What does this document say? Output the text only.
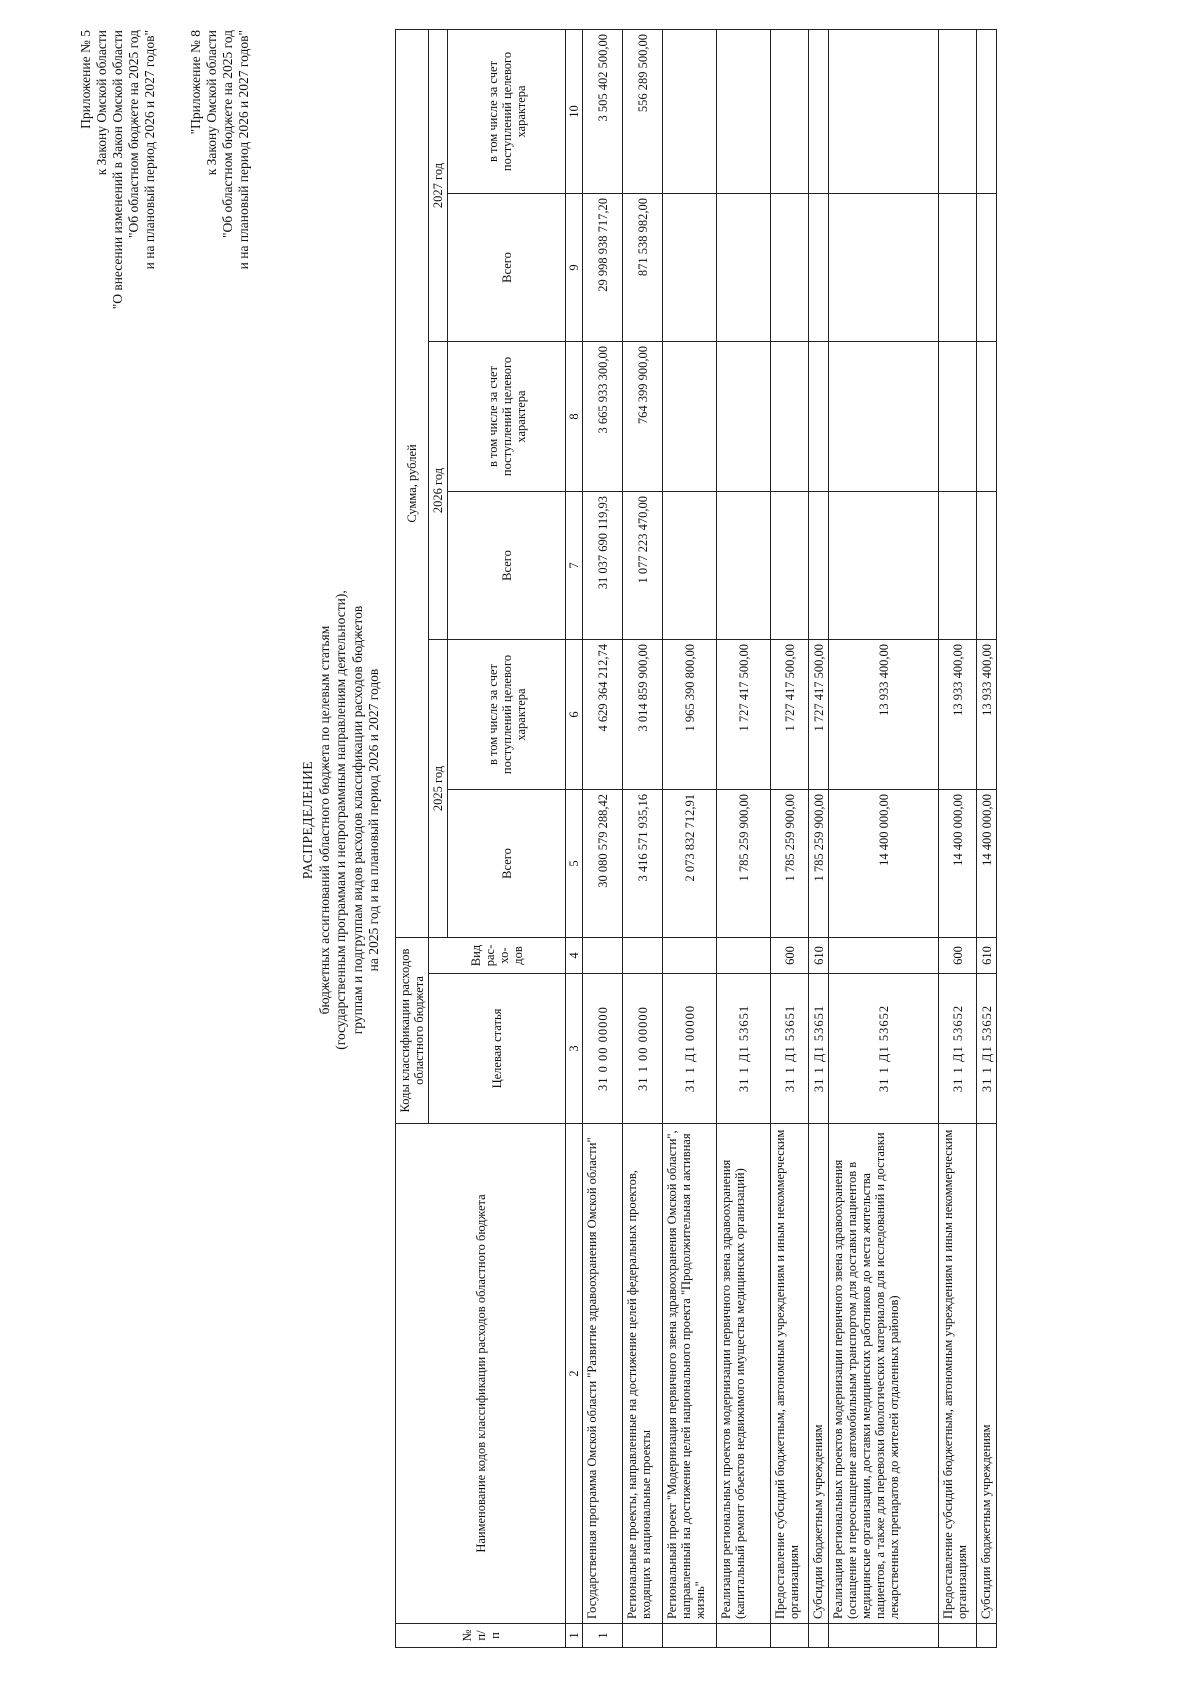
Приложение № 5 к Закону Омской области "О внесении изменений в Закон Омской области "Об областном бюджете на 2025 год и на плановый период 2026 и 2027 годов" "Приложение № 8 к Закону Омской области "Об областном бюджете на 2025 год и на плановый период 2026 и 2027 годов"
РАСПРЕДЕЛЕНИЕ бюджетных ассигнований областного бюджета по целевым статьям (государственным программам и непрограммным направлениям деятельности), группам и подгруппам видов расходов классификации расходов бюджетов на 2025 год и на плановый период 2026 и 2027 годов
№ п/п	Наименование кодов классификации расходов областного бюджета	Коды классификации расходов областного бюджета		Сумма, рублей					
		Целевая статья	Вид рас-хо-дов	2025 год		2026 год		2027 год	
				Всего	в том числе за счет поступлений целевого характера	Всего	в том числе за счет поступлений целевого характера	Всего	в том числе за счет поступлений целевого характера
1	2	3	4	5	6	7	8	9	10
1	Государственная программа Омской области "Развитие здравоохранения Омской области"	31 0 00 00000		30 080 579 288,42	4 629 364 212,74	31 037 690 119,93	3 665 933 300,00	29 998 938 717,20	3 505 402 500,00
	Региональные проекты, направленные на достижение целей федеральных проектов, входящих в национальные проекты	31 1 00 00000		3 416 571 935,16	3 014 859 900,00	1 077 223 470,00	764 399 900,00	871 538 982,00	556 289 500,00
	Региональный проект "Модернизация первичного звена здравоохранения Омской области", направленный на достижение целей национального проекта "Продолжительная и активная жизнь"	31 1 Д1 00000		2 073 832 712,91	1 965 390 800,00				
	Реализация региональных проектов модернизации первичного звена здравоохранения (капитальный ремонт объектов недвижимого имущества медицинских организаций)	31 1 Д1 53651		1 785 259 900,00	1 727 417 500,00				
	Предоставление субсидий бюджетным, автономным учреждениям и иным некоммерческим организациям	31 1 Д1 53651	600	1 785 259 900,00	1 727 417 500,00				
	Субсидии бюджетным учреждениям	31 1 Д1 53651	610	1 785 259 900,00	1 727 417 500,00				
	Реализация региональных проектов модернизации первичного звена здравоохранения (оснащение и переоснащение автомобильным транспортом для доставки пациентов в медицинские организации, доставки медицинских работников до места жительства пациентов, а также для перевозки биологических материалов для исследований и доставки лекарственных препаратов до жителей отдаленных районов)	31 1 Д1 53652		14 400 000,00	13 933 400,00				
	Предоставление субсидий бюджетным, автономным учреждениям и иным некоммерческим организациям	31 1 Д1 53652	600	14 400 000,00	13 933 400,00				
	Субсидии бюджетным учреждениям	31 1 Д1 53652	610	14 400 000,00	13 933 400,00				
